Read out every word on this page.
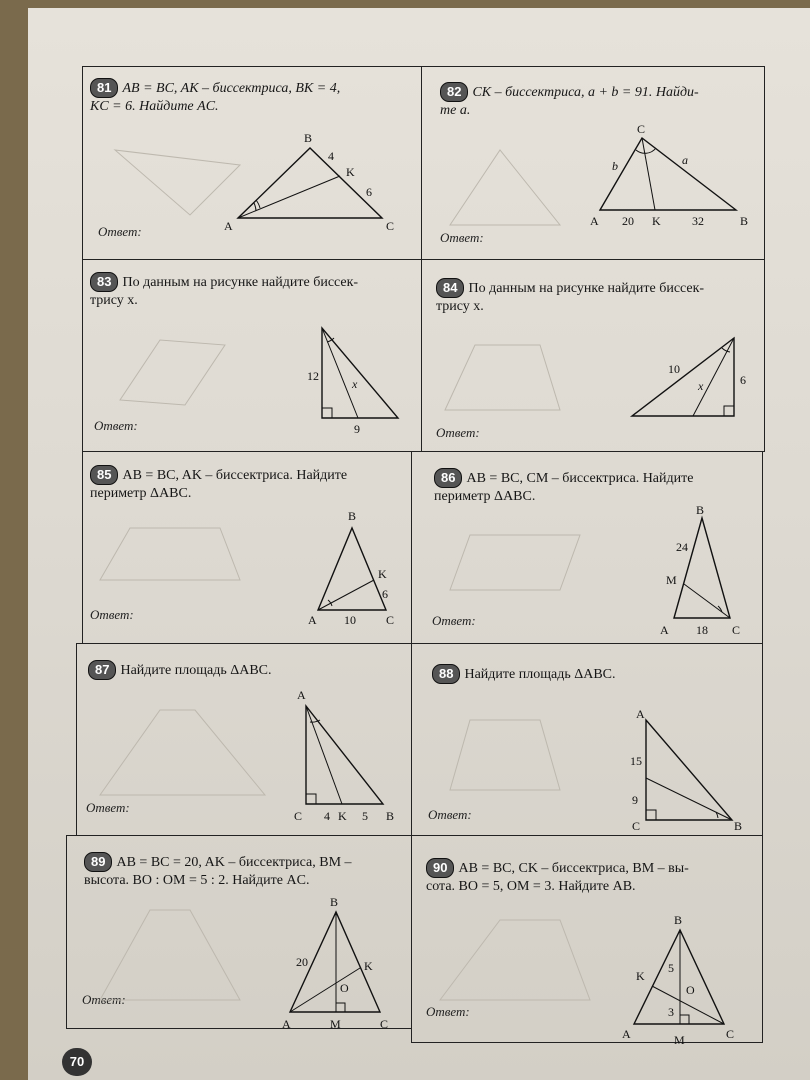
81 AB = BC, AK – биссектриса, BK = 4,
KC = 6. Найдите AC.
82 CK – биссектриса, a + b = 91. Найди-
те a.
83 По данным на рисунке найдите биссек-
трису x.
84 По данным на рисунке найдите биссек-
трису x.
85 AB = BC, AK – биссектриса. Найдите
периметр ΔABC.
86 AB = BC, CM – биссектриса. Найдите
периметр ΔABC.
87 Найдите площадь ΔABC.	88 Найдите площадь ΔABC.
89 AB = BC = 20, AK – биссектриса, BM –
высота. BO : OM = 5 : 2. Найдите AC.
90 AB = BC, CK – биссектриса, BM – вы-
сота. BO = 5, OM = 3. Найдите AB.
Ответ:	Ответ:
Ответ:	Ответ:
Ответ:	Ответ:
Ответ:	Ответ:
Ответ:
Ответ:
B
A	C
K
4
6
C
A	B
K
a
b
20	32
12
9
x
10
6
x
B
A	C
K
6
10
B
A	C
M
24
18
A
C	K	B
4	5
A
C	B
15
9
B
A	C
K
M
O
20
B
A	C
K
M
O
5
3
70
